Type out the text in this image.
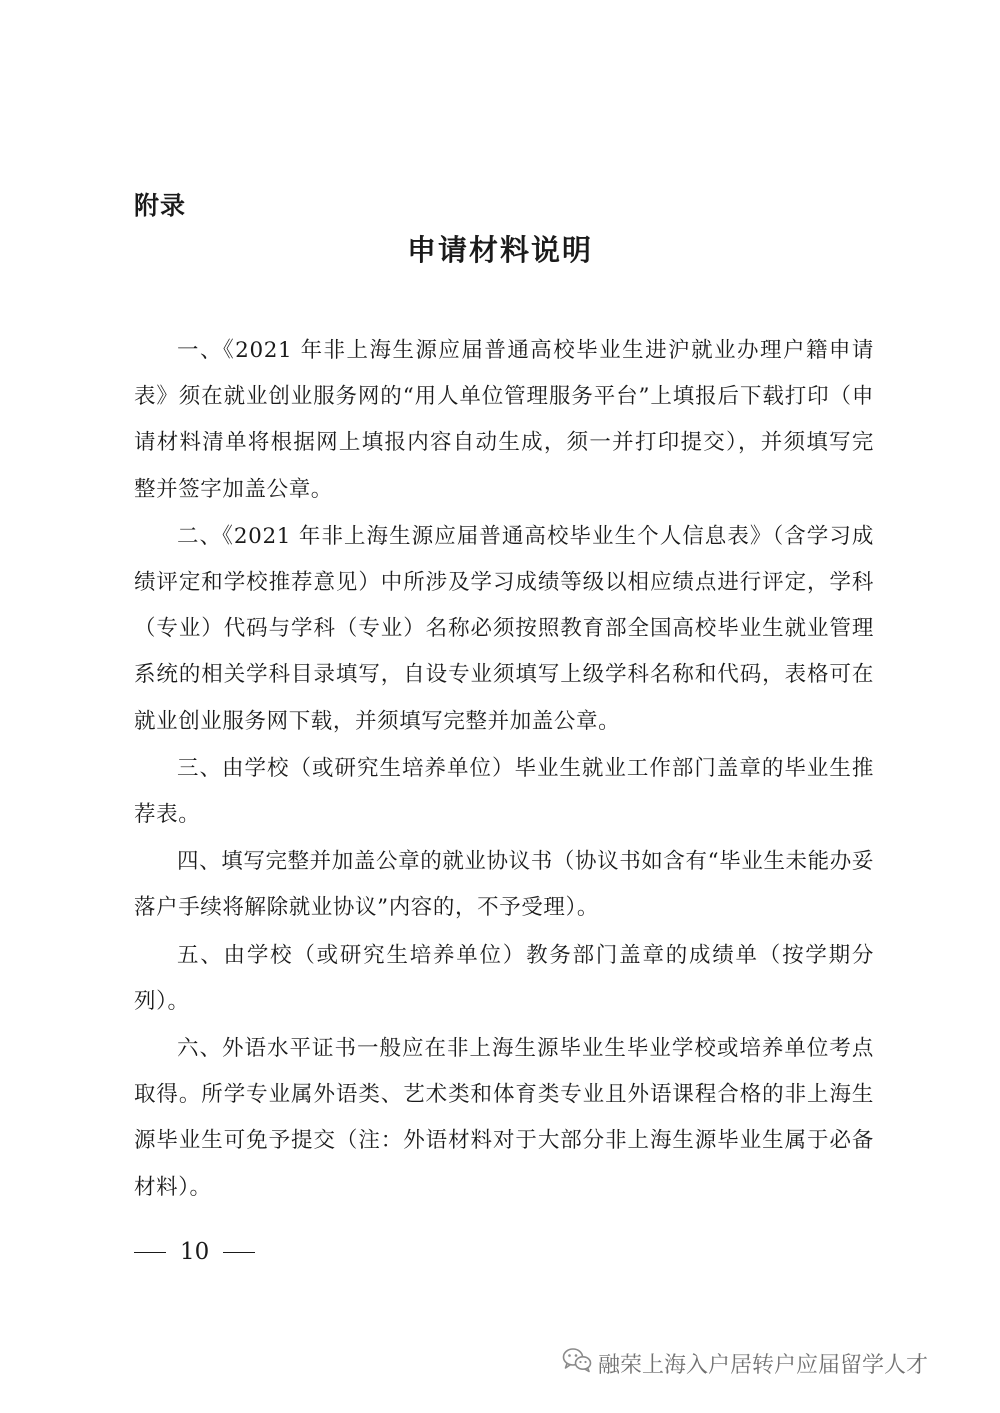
附录
申请材料说明

一、《2021 年非上海生源应届普通高校毕业生进沪就业办理户籍申请表》须在就业创业服务网的“用人单位管理服务平台”上填报后下载打印（申请材料清单将根据网上填报内容自动生成，须一并打印提交），并须填写完整并签字加盖公章。

二、《2021 年非上海生源应届普通高校毕业生个人信息表》（含学习成绩评定和学校推荐意见）中所涉及学习成绩等级以相应绩点进行评定，学科（专业）代码与学科（专业）名称必须按照教育部全国高校毕业生就业管理系统的相关学科目录填写，自设专业须填写上级学科名称和代码，表格可在就业创业服务网下载，并须填写完整并加盖公章。

三、由学校（或研究生培养单位）毕业生就业工作部门盖章的毕业生推荐表。

四、填写完整并加盖公章的就业协议书（协议书如含有“毕业生未能办妥落户手续将解除就业协议”内容的，不予受理）。

五、由学校（或研究生培养单位）教务部门盖章的成绩单（按学期分列）。

六、外语水平证书一般应在非上海生源毕业生毕业学校或培养单位考点取得。所学专业属外语类、艺术类和体育类专业且外语课程合格的非上海生源毕业生可免予提交（注：外语材料对于大部分非上海生源毕业生属于必备材料）。

10
融荣上海入户居转户应届留学人才
